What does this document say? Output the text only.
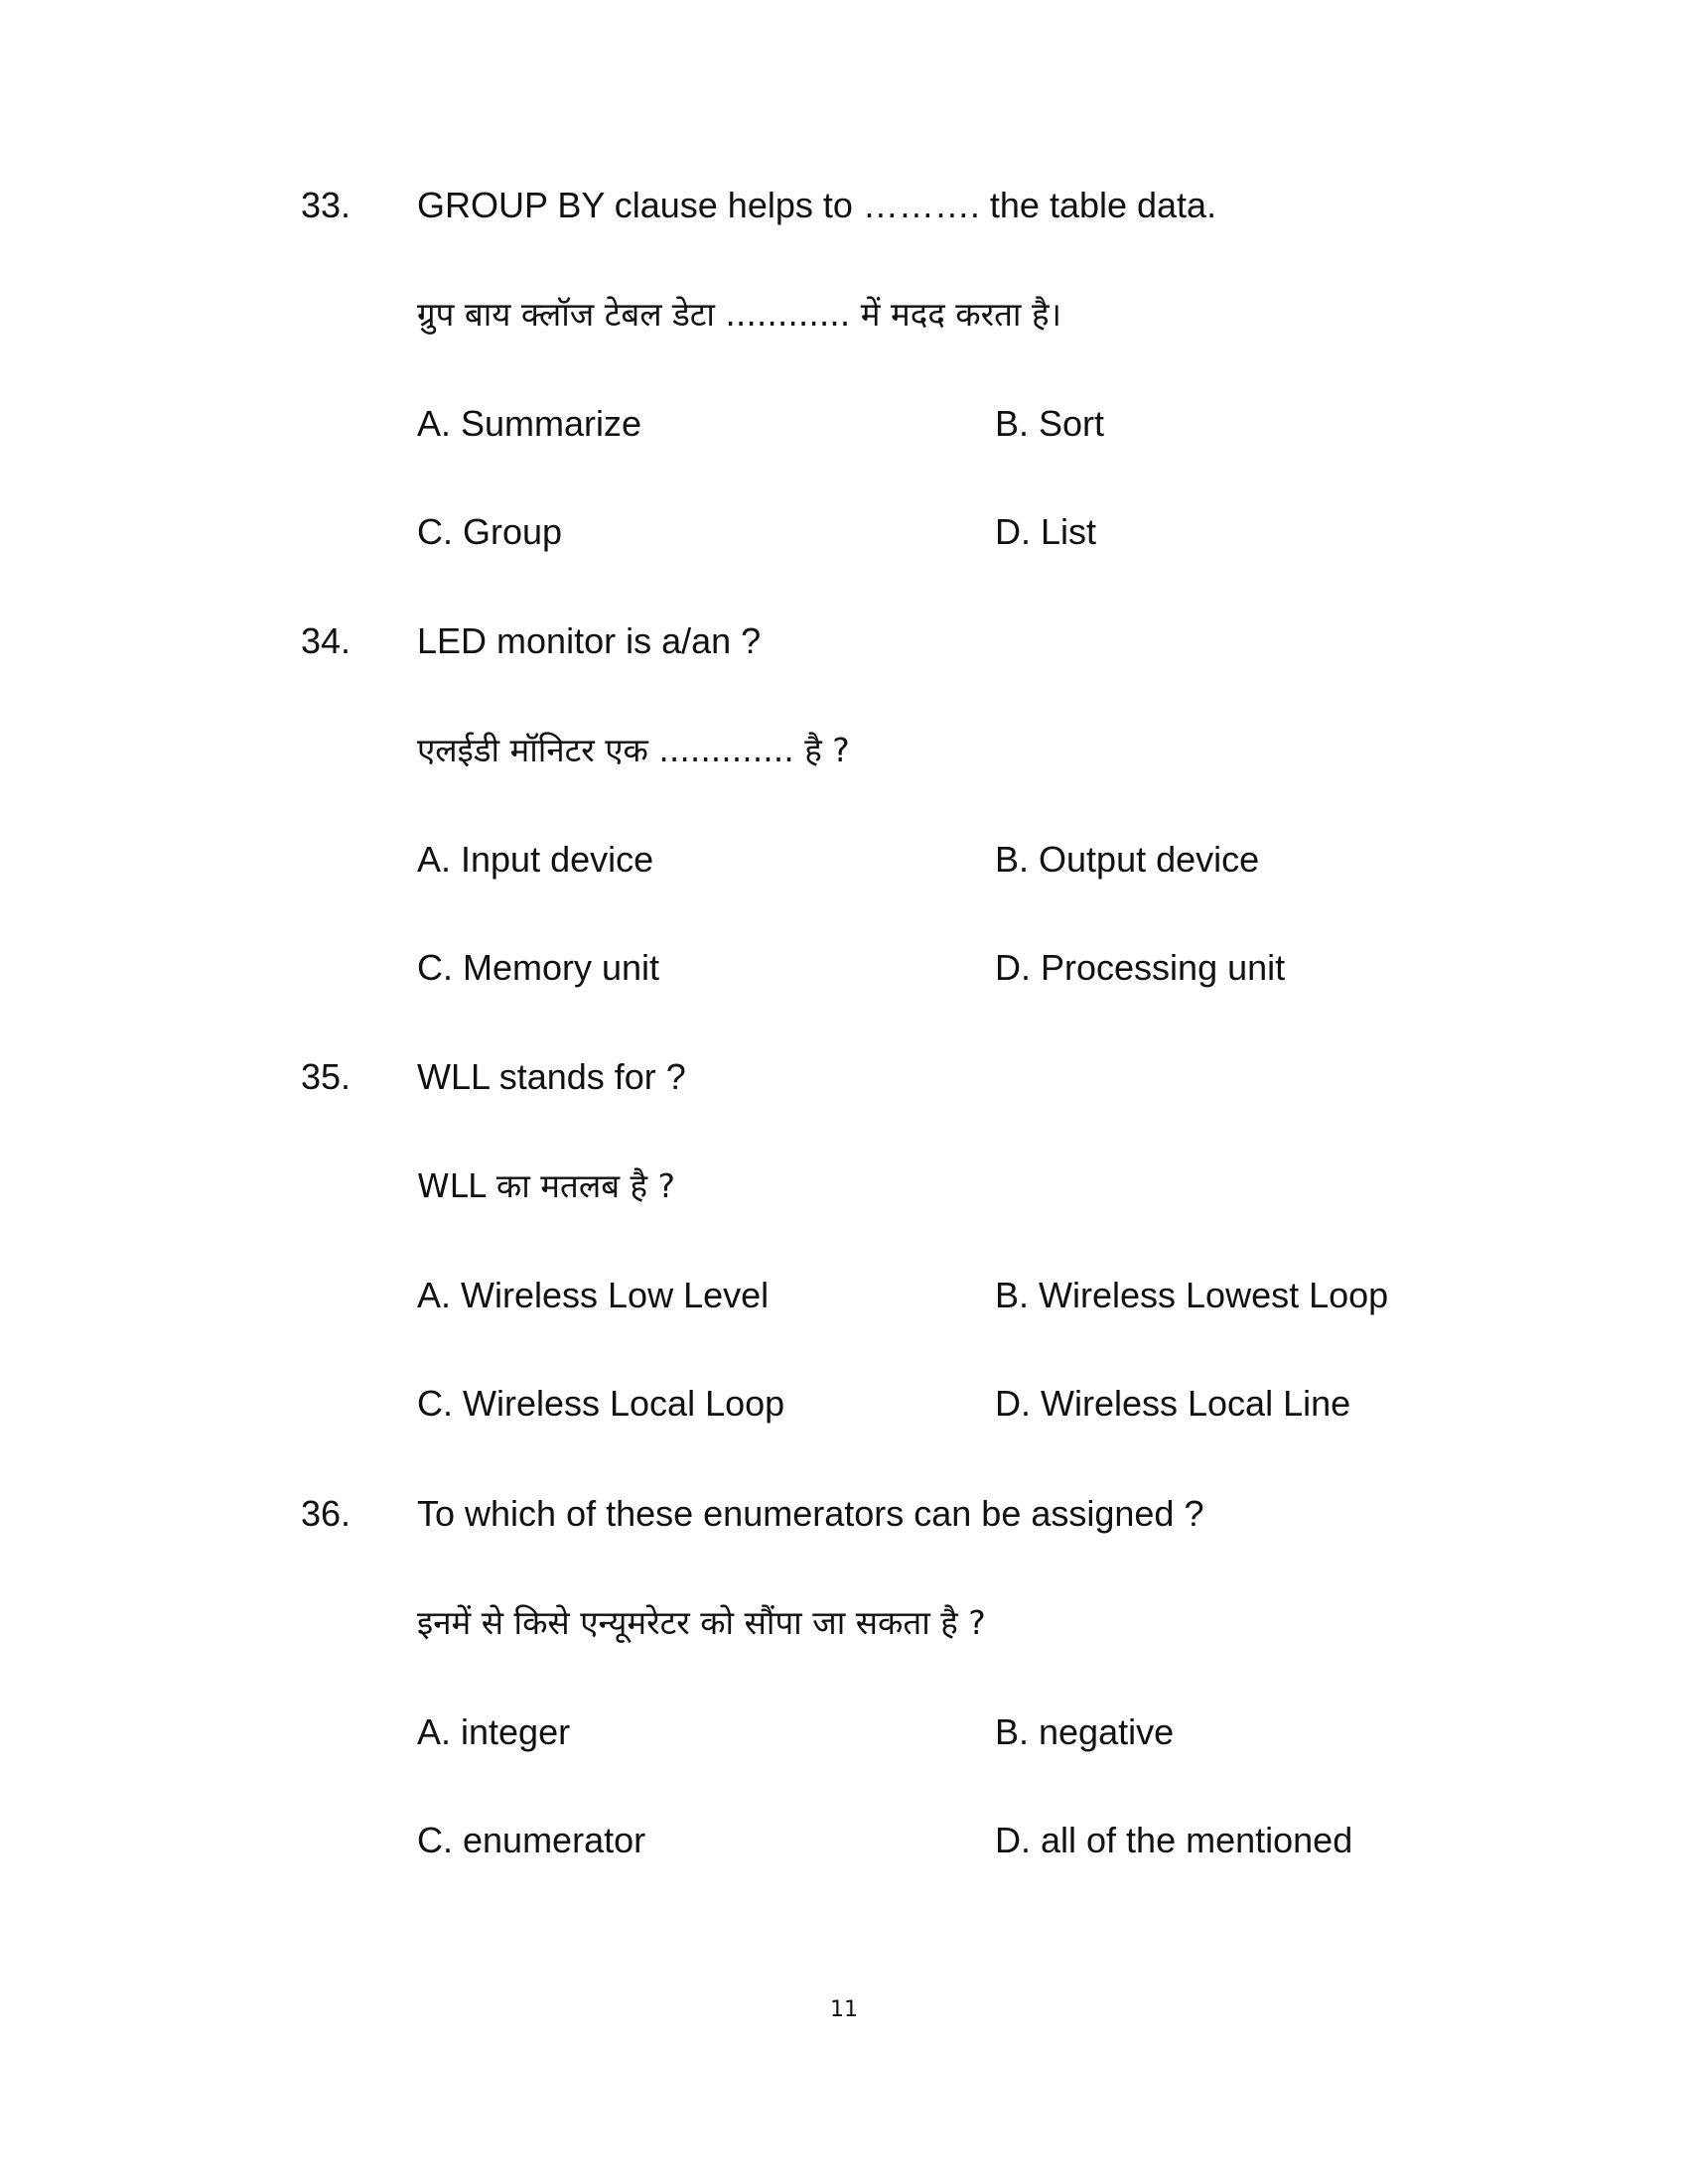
33. GROUP BY clause helps to ………. the table data.
ग्रुप बाय क्लॉज टेबल डेटा ............ में मदद करता है।
A. Summarize	B. Sort
C. Group	D. List
34. LED monitor is a/an ?
एलईडी मॉनिटर एक ............. है ?
A. Input device	B. Output device
C. Memory unit	D. Processing unit
35. WLL stands for ?
WLL का मतलब है ?
A. Wireless Low Level	B. Wireless Lowest Loop
C. Wireless Local Loop	D. Wireless Local Line
36. To which of these enumerators can be assigned ?
इनमें से किसे एन्यूमरेटर को सौंपा जा सकता है ?
A. integer	B. negative
C. enumerator	D. all of the mentioned
11
